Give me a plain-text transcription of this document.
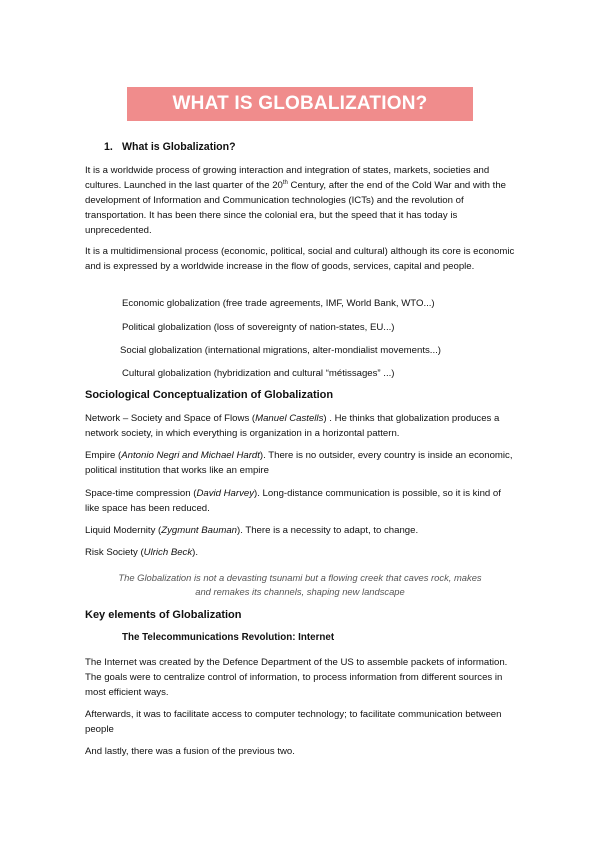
WHAT IS GLOBALIZATION?
1. What is Globalization?

It is a worldwide process of growing interaction and integration of states, markets, societies and cultures. Launched in the last quarter of the 20th Century, after the end of the Cold War and with the development of Information and Communication technologies (ICTs) and the revolution of transportation. It has been there since the colonial era, but the speed that it has today is unprecedented.

It is a multidimensional process (economic, political, social and cultural) although its core is economic and is expressed by a worldwide increase in the flow of goods, services, capital and people.

Economic globalization (free trade agreements, IMF, World Bank, WTO...)
Political globalization (loss of sovereignty of nation-states, EU...)
Social globalization (international migrations, alter-mondialist movements...)
Cultural globalization (hybridization and cultural “métissages” ...)
Sociological Conceptualization of Globalization

Network – Society and Space of Flows (Manuel Castells) . He thinks that globalization produces a network society, in which everything is organization in a horizontal pattern.

Empire (Antonio Negri and Michael Hardt). There is no outsider, every country is inside an economic, political institution that works like an empire

Space-time compression (David Harvey). Long-distance communication is possible, so it is kind of like space has been reduced.

Liquid Modernity (Zygmunt Bauman). There is a necessity to adapt, to change.

Risk Society (Ulrich Beck).

The Globalization is not a devasting tsunami but a flowing creek that caves rock, makes and remakes its channels, shaping new landscape

Key elements of Globalization
The Telecommunications Revolution: Internet

The Internet was created by the Defence Department of the US to assemble packets of information. The goals were to centralize control of information, to process information from different sources in most efficient ways.

Afterwards, it was to facilitate access to computer technology; to facilitate communication between people

And lastly, there was a fusion of the previous two.
